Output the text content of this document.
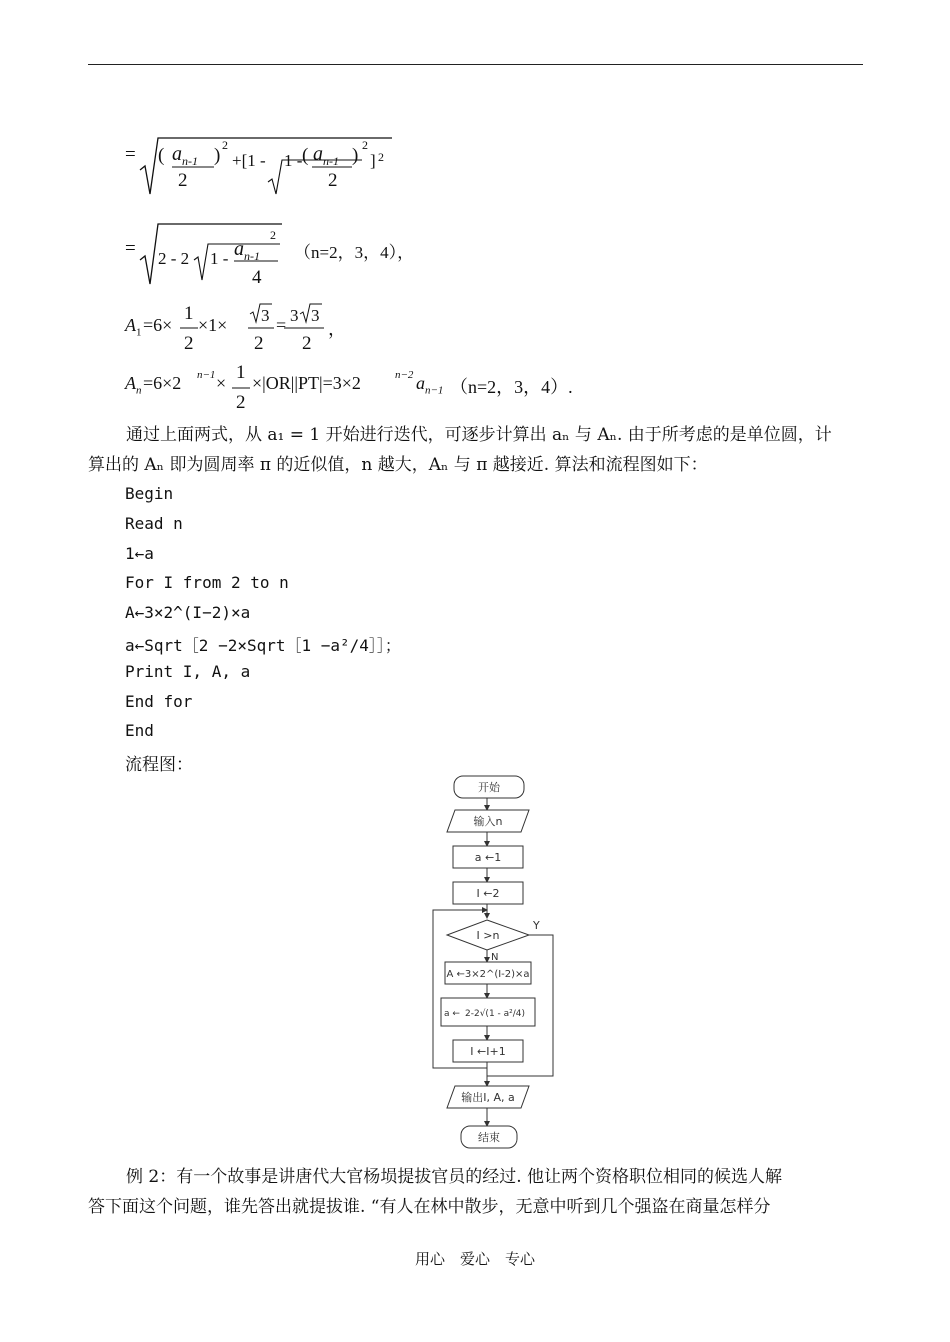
= ( $a_{n-1}$
2
) 2
+[1 - 1 - ( $a_{n-1}$
2
) 2
] 2
= 2 - 2 $1 - a_{n-1}$
2
4
（n=2，3，4），
$A_1 =6\times$
1
2
×1× 3
2
= 3 3
2
，
$A_n =6\times 2$ n−1 × 1
2
×|OR||PT|=3×2	n−2 $a_{n-1}$ （n=2，3，4）.
通过上面两式，从 a₁ = 1 开始进行迭代，可逐步计算出 aₙ 与 Aₙ. 由于所考虑的是单位圆，计
算出的 Aₙ 即为圆周率 π 的近似值，n 越大，Aₙ 与 π 越接近. 算法和流程图如下：
Begin
Read n
1←a
For I from 2 to n
A←3×2^(I−2)×a
a←Sqrt［2 −2×Sqrt［1 −a²/4］］；
Print I, A, a
End for
End
流程图：
开始
输入n
a ←1
I ←2
I >n
Y
N
A ←3×2^(I-2)×a
a ← 2-2√(1 - a²/4)
I ←I+1
输出I, A, a
结束
例 2：有一个故事是讲唐代大官杨埙提拔官员的经过. 他让两个资格职位相同的候选人解
答下面这个问题，谁先答出就提拔谁. “有人在林中散步，无意中听到几个强盗在商量怎样分
用心　爱心　专心
